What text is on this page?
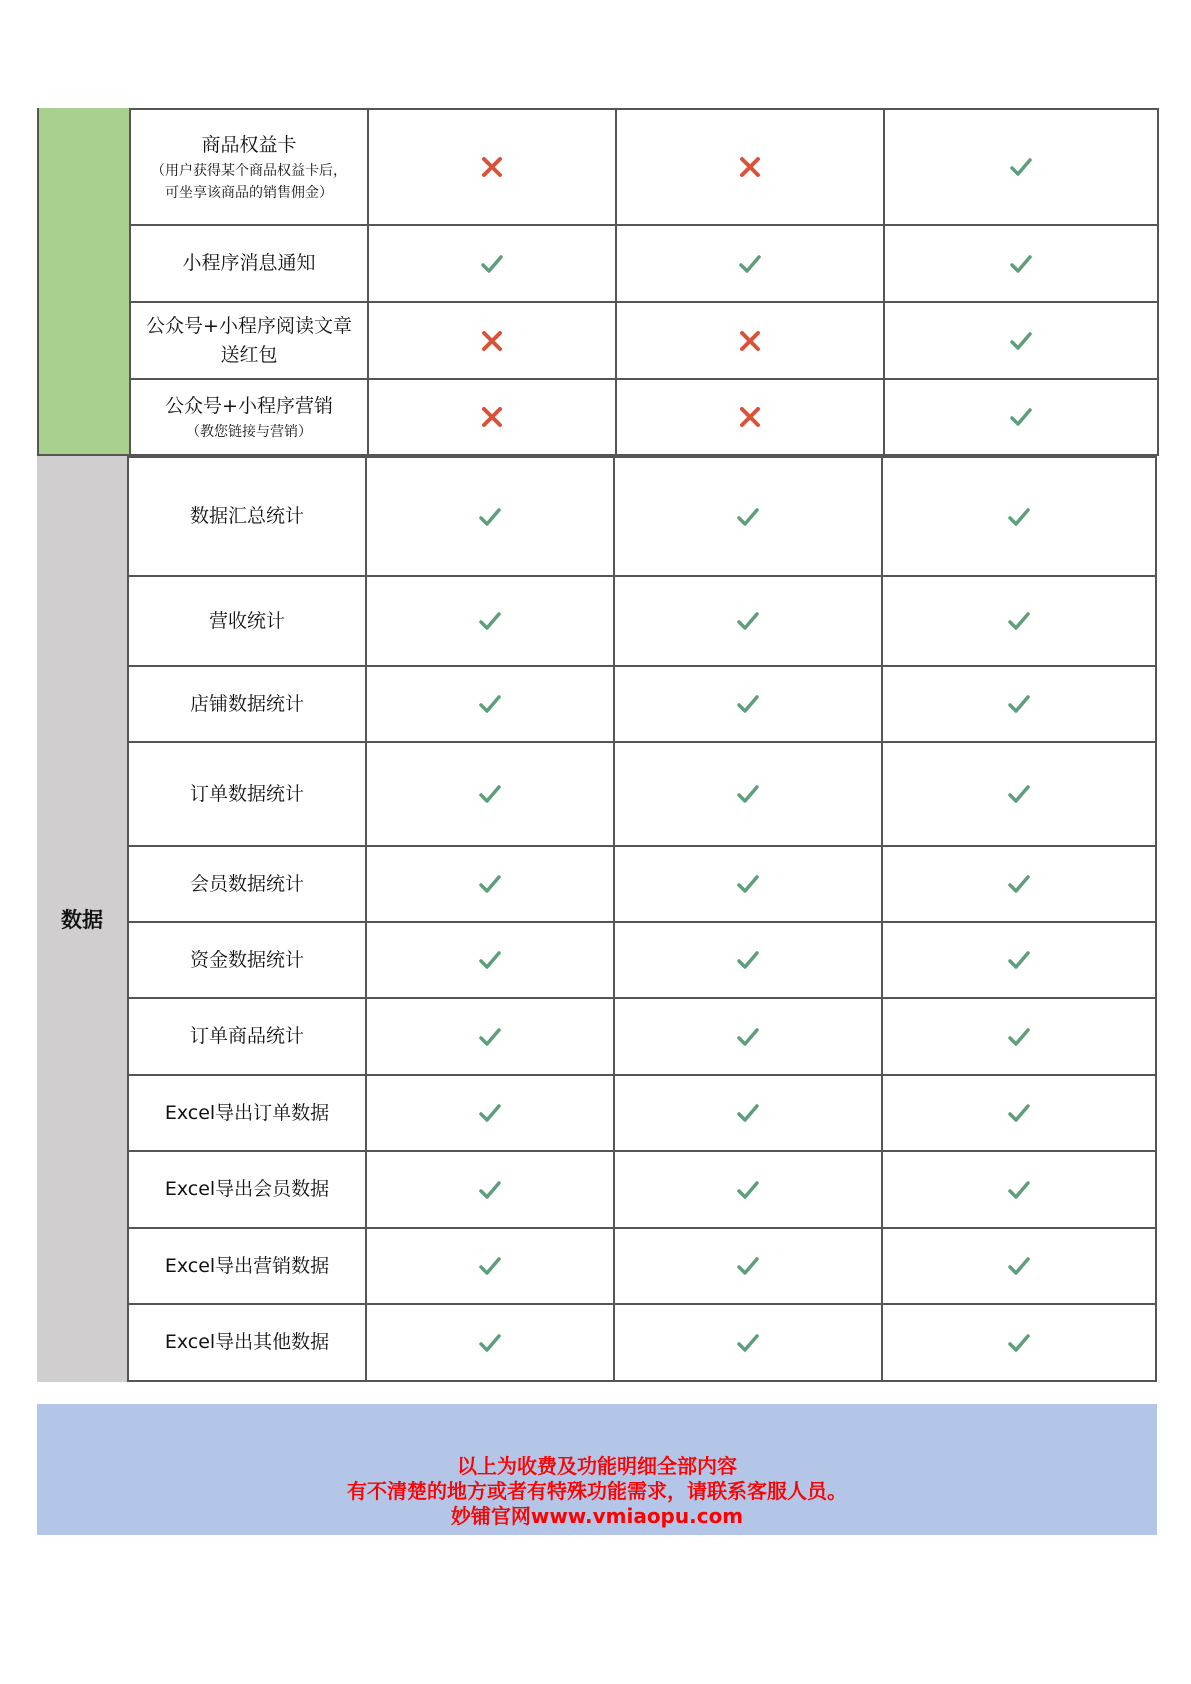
商品权益卡
（用户获得某个商品权益卡后，
可坐享该商品的销售佣金）
小程序消息通知
公众号+小程序阅读文章
送红包
公众号+小程序营销
（教您链接与营销）
数据
数据汇总统计
营收统计
店铺数据统计
订单数据统计
会员数据统计
资金数据统计
订单商品统计
Excel导出订单数据
Excel导出会员数据
Excel导出营销数据
Excel导出其他数据
以上为收费及功能明细全部内容
有不清楚的地方或者有特殊功能需求，请联系客服人员。
妙铺官网www.vmiaopu.com
